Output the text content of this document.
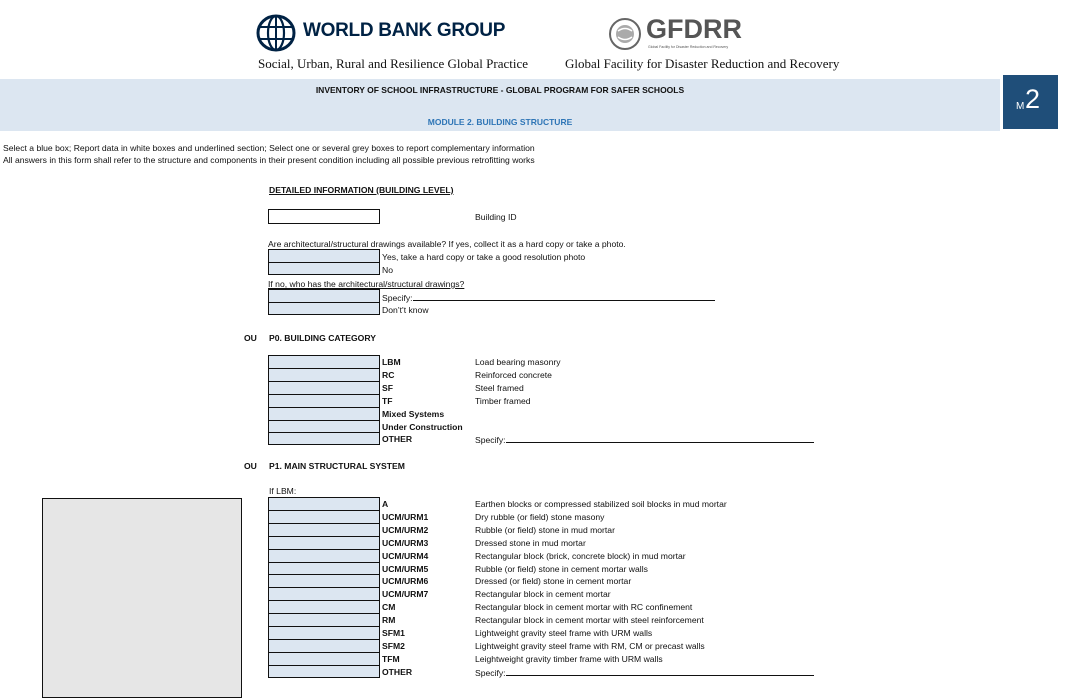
WORLD BANK GROUP
Social, Urban, Rural and Resilience Global Practice
GFDRR
Global Facility for Disaster Reduction and Recovery
Global Facility for Disaster Reduction and Recovery
INVENTORY OF SCHOOL INFRASTRUCTURE - GLOBAL PROGRAM FOR SAFER SCHOOLS
MODULE 2. BUILDING STRUCTURE
M 2
Select a blue box; Report data in white boxes and underlined section; Select one or several grey boxes to report complementary information
All answers in this form shall refer to the structure and components in their present condition including all possible previous retrofitting works
DETAILED INFORMATION (BUILDING LEVEL)
Building ID
Are architectural/structural drawings available? If yes, collect it as a hard copy or take a photo.
Yes, take a hard copy or take a good resolution photo
No
If no, who has the architectural/structural drawings?
Specify:
Don’t't know
OU P0. BUILDING CATEGORY
LBM	Load bearing masonry
RC	Reinforced concrete
SF	Steel framed
TF	Timber framed
Mixed Systems
Under Construction
OTHER	Specify:
OU P1. MAIN STRUCTURAL SYSTEM
If LBM:
A	Earthen blocks or compressed stabilized soil blocks in mud mortar
UCM/URM1	Dry rubble (or field) stone masony
UCM/URM2	Rubble (or field) stone in mud mortar
UCM/URM3	Dressed stone in mud mortar
UCM/URM4	Rectangular block (brick, concrete block) in mud mortar
UCM/URM5	Rubble (or field) stone in cement mortar walls
UCM/URM6	Dressed (or field) stone in cement mortar
UCM/URM7	Rectangular block in cement mortar
CM	Rectangular block in cement mortar with RC confinement
RM	Rectangular block in cement mortar with steel reinforcement
SFM1	Lightweight gravity steel frame with URM walls
SFM2	Lightweight gravity steel frame with RM, CM or precast walls
TFM	Leightweight gravity timber frame with URM walls
OTHER	Specify:
